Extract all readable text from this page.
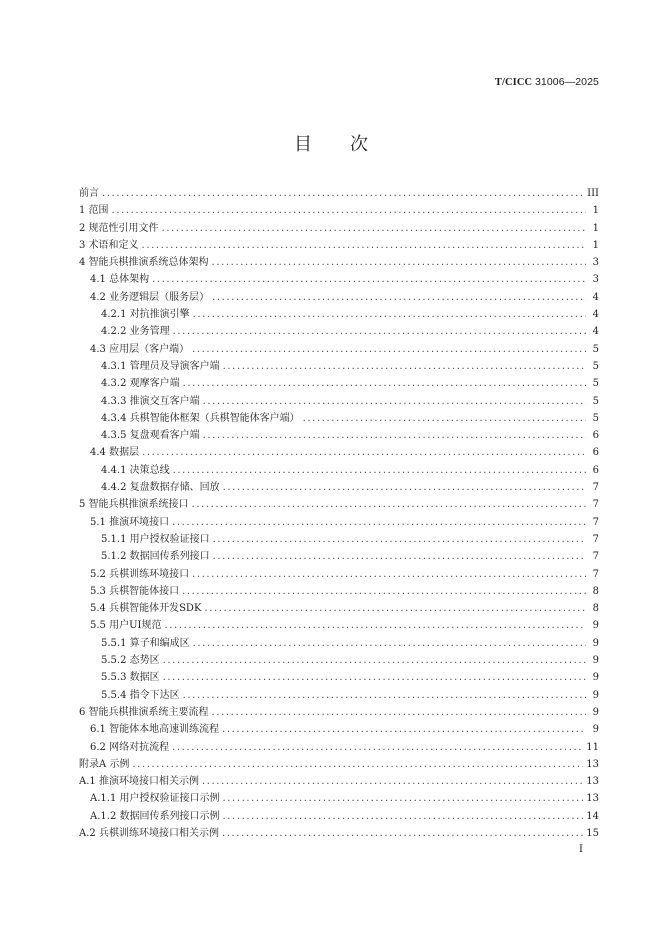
T/CICC 31006—2025
目次
前言 .....	III
1 范围 .....	1
2 规范性引用文件 .....	1
3 术语和定义 .....	1
4 智能兵棋推演系统总体架构 .....	3
4.1 总体架构 .....	3
4.2 业务逻辑层（服务层） .....	4
4.2.1 对抗推演引擎 .....	4
4.2.2 业务管理 .....	4
4.3 应用层（客户端） .....	5
4.3.1 管理员及导演客户端 .....	5
4.3.2 观摩客户端 .....	5
4.3.3 推演交互客户端 .....	5
4.3.4 兵棋智能体框架（兵棋智能体客户端） .....	5
4.3.5 复盘观看客户端 .....	6
4.4 数据层 .....	6
4.4.1 决策总线 .....	6
4.4.2 复盘数据存储、回放 .....	7
5 智能兵棋推演系统接口 .....	7
5.1 推演环境接口 .....	7
5.1.1 用户授权验证接口 .....	7
5.1.2 数据回传系列接口 .....	7
5.2 兵棋训练环境接口 .....	7
5.3 兵棋智能体接口 .....	8
5.4 兵棋智能体开发SDK .....	8
5.5 用户UI规范 .....	9
5.5.1 算子和编成区 .....	9
5.5.2 态势区 .....	9
5.5.3 数据区 .....	9
5.5.4 指令下达区 .....	9
6 智能兵棋推演系统主要流程 .....	9
6.1 智能体本地高速训练流程 .....	9
6.2 网络对抗流程 .....	11
附录A 示例 .....	13
A.1 推演环境接口相关示例 .....	13
A.1.1 用户授权验证接口示例 .....	13
A.1.2 数据回传系列接口示例 .....	14
A.2 兵棋训练环境接口相关示例 .....	15
I
